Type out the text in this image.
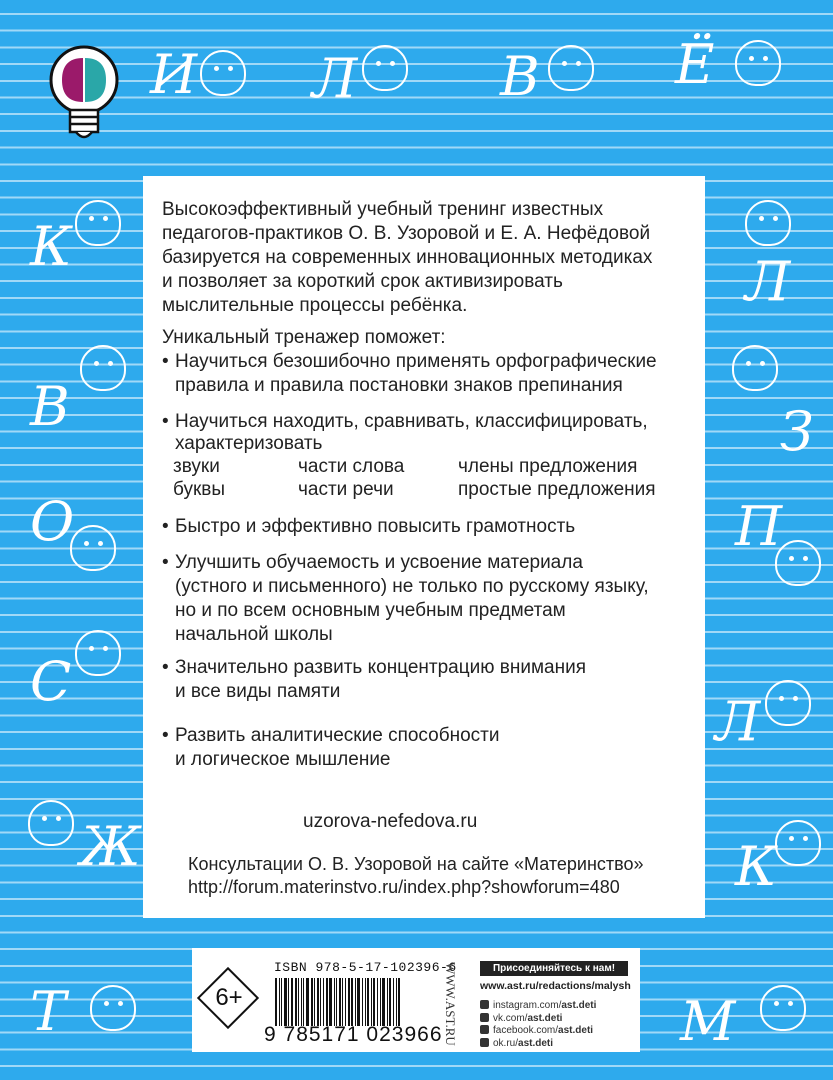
И Л	В	Ё
К
В
О
С
Ж
Т
Л
З
П
Л
К
М
Высокоэффективный учебный тренинг известных
педагогов-практиков О. В. Узоровой и Е. А. Нефёдовой
базируется на современных инновационных методиках
и позволяет за короткий срок активизировать
мыслительные процессы ребёнка.
Уникальный тренажер поможет:
• Научиться безошибочно применять орфографические
правила и правила постановки знаков препинания
• Научиться находить, сравнивать, классифицировать,
характеризовать
звуки	части слова	члены предложения
буквы	части речи	простые предложения
• Быстро и эффективно повысить грамотность
• Улучшить обучаемость и усвоение материала
(устного и письменного) не только по русскому языку,
но и по всем основным учебным предметам
начальной школы
• Значительно развить концентрацию внимания
и все виды памяти
• Развить аналитические способности
и логическое мышление
uzorova-nefedova.ru
Консультации О. В. Узоровой на сайте «Материнство»
http://forum.materinstvo.ru/index.php?showforum=480
6+
ISBN 978-5-17-102396-6
9 785171 023966 WWW.AST.RU	Присоединяйтесь к нам!
www.ast.ru/redactions/malysh
instagram.com/ast.deti
vk.com/ast.deti
facebook.com/ast.deti
ok.ru/ast.deti
